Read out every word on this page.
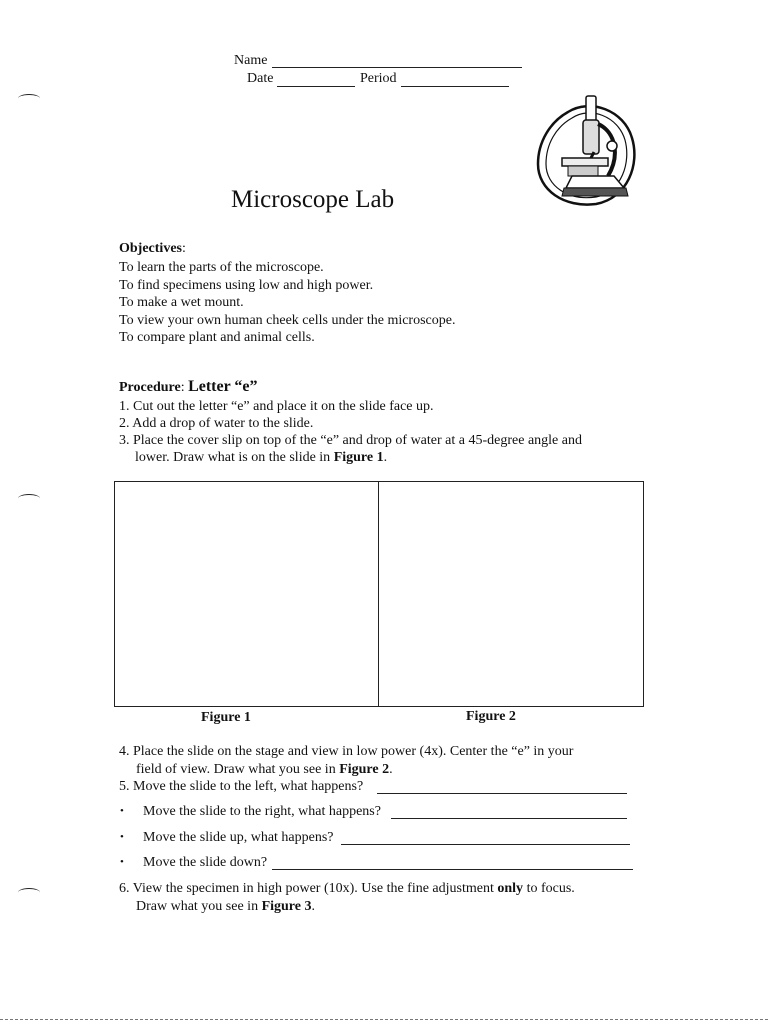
Name
Date	Period
Microscope Lab
Objectives:
To learn the parts of the microscope.
To find specimens using low and high power.
To make a wet mount.
To view your own human cheek cells under the microscope.
To compare plant and animal cells.
Procedure: Letter “e”
1. Cut out the letter “e” and place it on the slide face up.
2. Add a drop of water to the slide.
3. Place the cover slip on top of the “e” and drop of water at a 45-degree angle and
lower. Draw what is on the slide in Figure 1.
Figure 1	Figure 2
4. Place the slide on the stage and view in low power (4x). Center the “e” in your
field of view. Draw what you see in Figure 2.
5. Move the slide to the left, what happens?
• Move the slide to the right, what happens?
• Move the slide up, what happens?
• Move the slide down?
6. View the specimen in high power (10x). Use the fine adjustment only to focus.
Draw what you see in Figure 3.
